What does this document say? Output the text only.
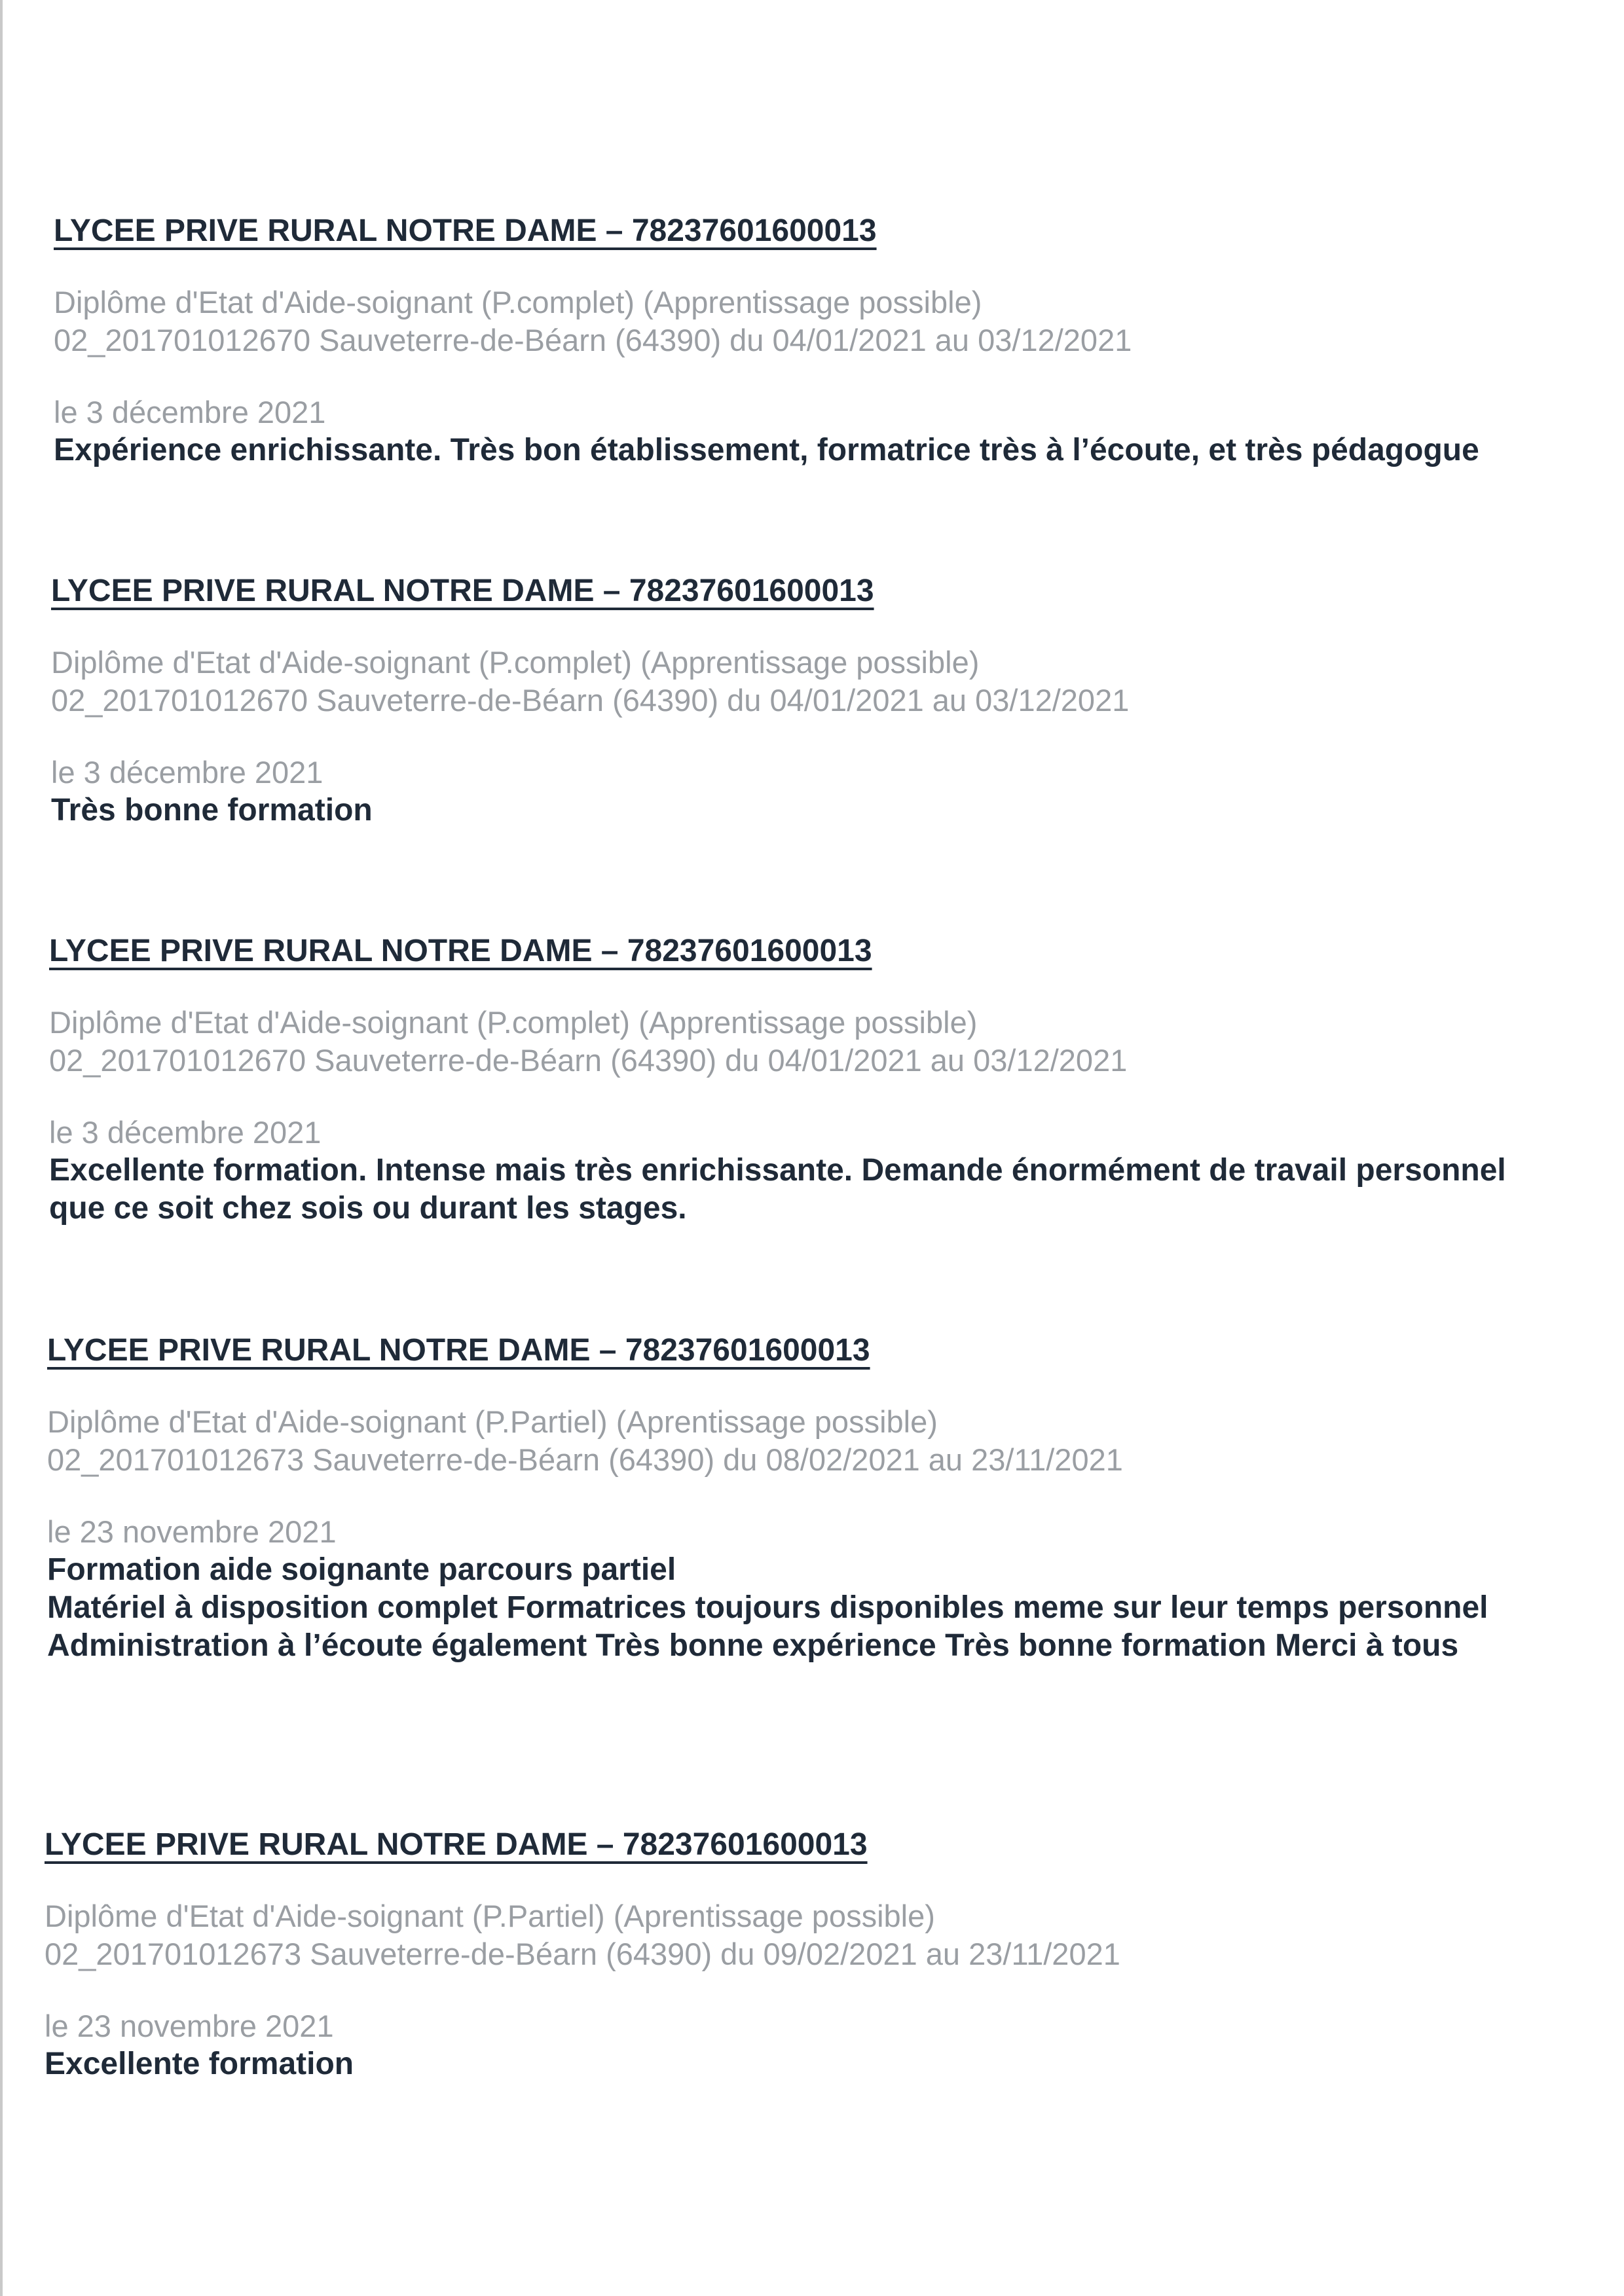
LYCEE PRIVE RURAL NOTRE DAME – 78237601600013
Diplôme d'Etat d'Aide-soignant (P.complet) (Apprentissage possible)
02_201701012670 Sauveterre-de-Béarn (64390) du 04/01/2021 au 03/12/2021
le 3 décembre 2021
Expérience enrichissante. Très bon établissement, formatrice très à l’écoute, et très pédagogue
LYCEE PRIVE RURAL NOTRE DAME – 78237601600013
Diplôme d'Etat d'Aide-soignant (P.complet) (Apprentissage possible)
02_201701012670 Sauveterre-de-Béarn (64390) du 04/01/2021 au 03/12/2021
le 3 décembre 2021
Très bonne formation
LYCEE PRIVE RURAL NOTRE DAME – 78237601600013
Diplôme d'Etat d'Aide-soignant (P.complet) (Apprentissage possible)
02_201701012670 Sauveterre-de-Béarn (64390) du 04/01/2021 au 03/12/2021
le 3 décembre 2021
Excellente formation. Intense mais très enrichissante. Demande énormément de travail personnel
que ce soit chez sois ou durant les stages.
LYCEE PRIVE RURAL NOTRE DAME – 78237601600013
Diplôme d'Etat d'Aide-soignant (P.Partiel) (Aprentissage possible)
02_201701012673 Sauveterre-de-Béarn (64390) du 08/02/2021 au 23/11/2021
le 23 novembre 2021
Formation aide soignante parcours partiel
Matériel à disposition complet Formatrices toujours disponibles meme sur leur temps personnel
Administration à l’écoute également Très bonne expérience Très bonne formation Merci à tous
LYCEE PRIVE RURAL NOTRE DAME – 78237601600013
Diplôme d'Etat d'Aide-soignant (P.Partiel) (Aprentissage possible)
02_201701012673 Sauveterre-de-Béarn (64390) du 09/02/2021 au 23/11/2021
le 23 novembre 2021
Excellente formation
